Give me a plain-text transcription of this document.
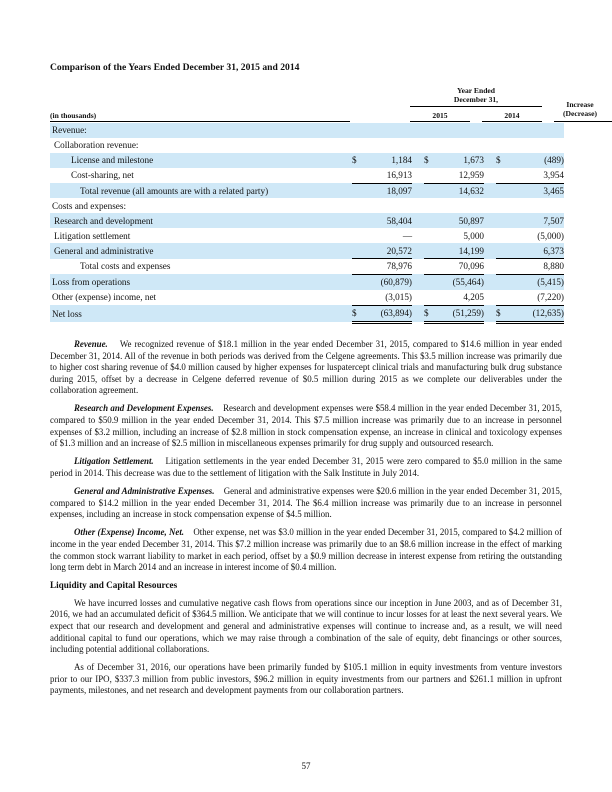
Comparison of the Years Ended December 31, 2015 and 2014
Year Ended
December 31,
Increase
(Decrease)
(in thousands)	2015	2014
Revenue:								
Collaboration revenue:								
License and milestone	$	1,184		$	1,673		$	(489)
Cost-sharing, net		16,913			12,959			3,954
Total revenue (all amounts are with a related party)		18,097			14,632			3,465
Costs and expenses:								
Research and development		58,404			50,897			7,507
Litigation settlement		—			5,000			(5,000)
General and administrative		20,572			14,199			6,373
Total costs and expenses		78,976			70,096			8,880
Loss from operations		(60,879)			(55,464)			(5,415)
Other (expense) income, net		(3,015)			4,205			(7,220)
Net loss	$	(63,894)		$	(51,259)		$	(12,635)

Revenue. We recognized revenue of $18.1 million in the year ended December 31, 2015, compared to $14.6 million in year ended December 31, 2014. All of the revenue in both periods was derived from the Celgene agreements. This $3.5 million increase was primarily due to higher cost sharing revenue of $4.0 million caused by higher expenses for luspatercept clinical trials and manufacturing bulk drug substance during 2015, offset by a decrease in Celgene deferred revenue of $0.5 million during 2015 as we complete our deliverables under the collaboration agreement.

Research and Development Expenses. Research and development expenses were $58.4 million in the year ended December 31, 2015, compared to $50.9 million in the year ended December 31, 2014. This $7.5 million increase was primarily due to an increase in personnel expenses of $3.2 million, including an increase of $2.8 million in stock compensation expense, an increase in clinical and toxicology expenses of $1.3 million and an increase of $2.5 million in miscellaneous expenses primarily for drug supply and outsourced research.

Litigation Settlement. Litigation settlements in the year ended December 31, 2015 were zero compared to $5.0 million in the same period in 2014. This decrease was due to the settlement of litigation with the Salk Institute in July 2014.

General and Administrative Expenses. General and administrative expenses were $20.6 million in the year ended December 31, 2015, compared to $14.2 million in the year ended December 31, 2014. The $6.4 million increase was primarily due to an increase in personnel expenses, including an increase in stock compensation expense of $4.5 million.

Other (Expense) Income, Net. Other expense, net was $3.0 million in the year ended December 31, 2015, compared to $4.2 million of income in the year ended December 31, 2014. This $7.2 million increase was primarily due to an $8.6 million increase in the effect of marking the common stock warrant liability to market in each period, offset by a $0.9 million decrease in interest expense from retiring the outstanding long term debt in March 2014 and an increase in interest income of $0.4 million.

Liquidity and Capital Resources

We have incurred losses and cumulative negative cash flows from operations since our inception in June 2003, and as of December 31, 2016, we had an accumulated deficit of $364.5 million. We anticipate that we will continue to incur losses for at least the next several years. We expect that our research and development and general and administrative expenses will continue to increase and, as a result, we will need additional capital to fund our operations, which we may raise through a combination of the sale of equity, debt financings or other sources, including potential additional collaborations.

As of December 31, 2016, our operations have been primarily funded by $105.1 million in equity investments from venture investors prior to our IPO, $337.3 million from public investors, $96.2 million in equity investments from our partners and $261.1 million in upfront payments, milestones, and net research and development payments from our collaboration partners.

57
